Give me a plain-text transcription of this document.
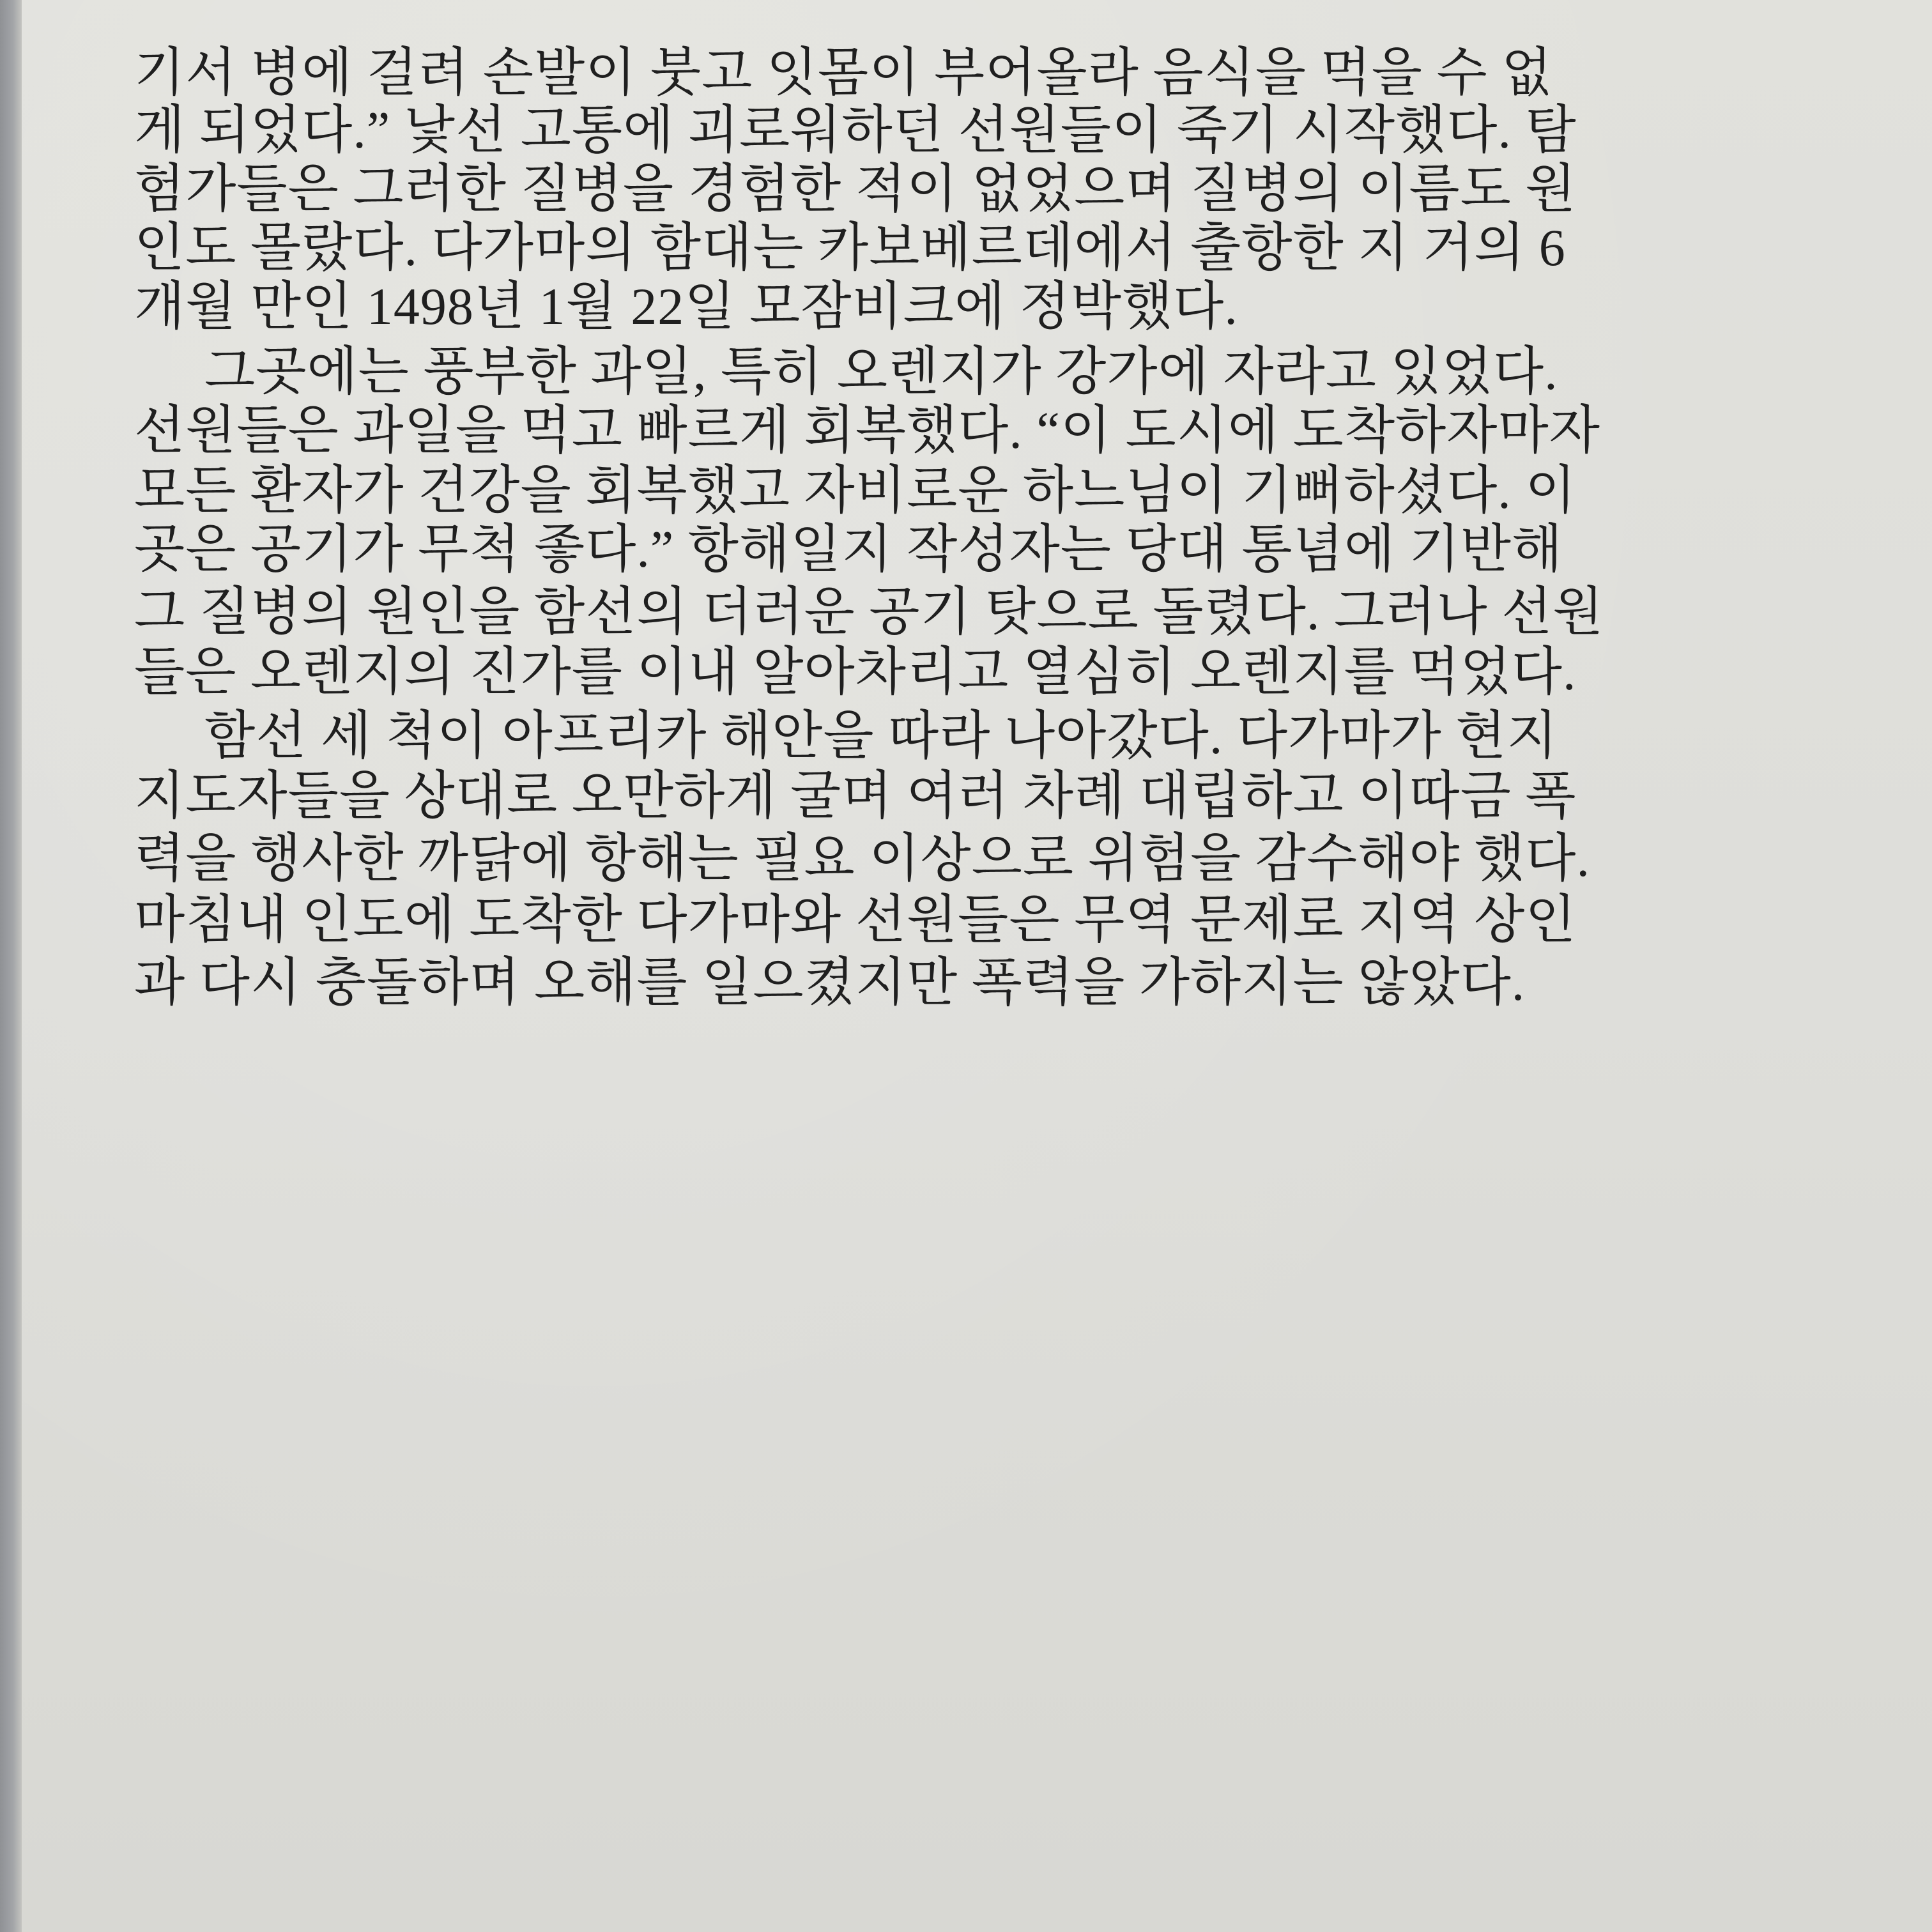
기서 병에 걸려 손발이 붓고 잇몸이 부어올라 음식을 먹을 수 없
게 되었다.” 낯선 고통에 괴로워하던 선원들이 죽기 시작했다. 탐
험가들은 그러한 질병을 경험한 적이 없었으며 질병의 이름도 원
인도 몰랐다. 다가마의 함대는 카보베르데에서 출항한 지 거의 6
개월 만인 1498년 1월 22일 모잠비크에 정박했다.
그곳에는 풍부한 과일, 특히 오렌지가 강가에 자라고 있었다.
선원들은 과일을 먹고 빠르게 회복했다. “이 도시에 도착하자마자
모든 환자가 건강을 회복했고 자비로운 하느님이 기뻐하셨다. 이
곳은 공기가 무척 좋다.” 항해일지 작성자는 당대 통념에 기반해
그 질병의 원인을 함선의 더러운 공기 탓으로 돌렸다. 그러나 선원
들은 오렌지의 진가를 이내 알아차리고 열심히 오렌지를 먹었다.
함선 세 척이 아프리카 해안을 따라 나아갔다. 다가마가 현지
지도자들을 상대로 오만하게 굴며 여러 차례 대립하고 이따금 폭
력을 행사한 까닭에 항해는 필요 이상으로 위험을 감수해야 했다.
마침내 인도에 도착한 다가마와 선원들은 무역 문제로 지역 상인
과 다시 충돌하며 오해를 일으켰지만 폭력을 가하지는 않았다.
